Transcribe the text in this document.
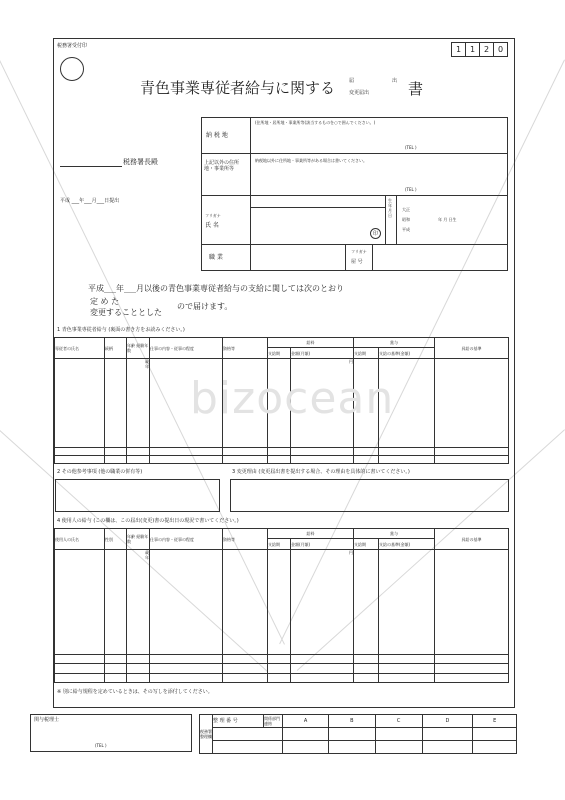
税務署受付印	1	1	2	0
青色事業専従者給与に関する	届	出
変更届出	書
税務署長殿
平成 ___年___月___日提出
納 税 地
(住所地・居所地・事業所等(該当するものを○で囲んでください。)
(TEL )
上記以外の住所地・事業所等
納税地以外に住所地・事業所等がある場合は書いてください。
(TEL )
フリガナ
氏 名
印
生年月日
大正
昭和
平成
年 月 日生
職 業
フリガナ
屋 号
平成___年___月以後の青色事業専従者給与の支給に関しては次のとおり
定 め た
変更することとした
ので届けます。
1 青色事業専従者給与 (裏面の書き方をお読みください。)
専従者の氏名	続柄	年齢 経験年数	仕事の内容・従事の程度	資格等	給料		賞与		昇給の基準
					支給期	金額(月額)	支給期	支給の基準(金額)	
		歳
年				円			

2 その他参考事項 (他の職業の併有等)	3 変更理由 (変更届出書を提出する場合、その理由を具体的に書いてください。)
4 使用人の給与 (この欄は、この届出(変更)書の提出日の現況で書いてください。)
使用人の氏名	性別	年齢 経験年数	仕事の内容・従事の程度	資格等	給料		賞与		昇給の基準
					支給期	金額(月額)	支給期	支給の基準(金額)	
		歳
年				円			

※ 別に給与規程を定めているときは、その写しを添付してください。
関与税理士
(TEL )
税務署整理欄	整 理 番 号	関係部門連絡	A	B	C	D	E

bizocean
